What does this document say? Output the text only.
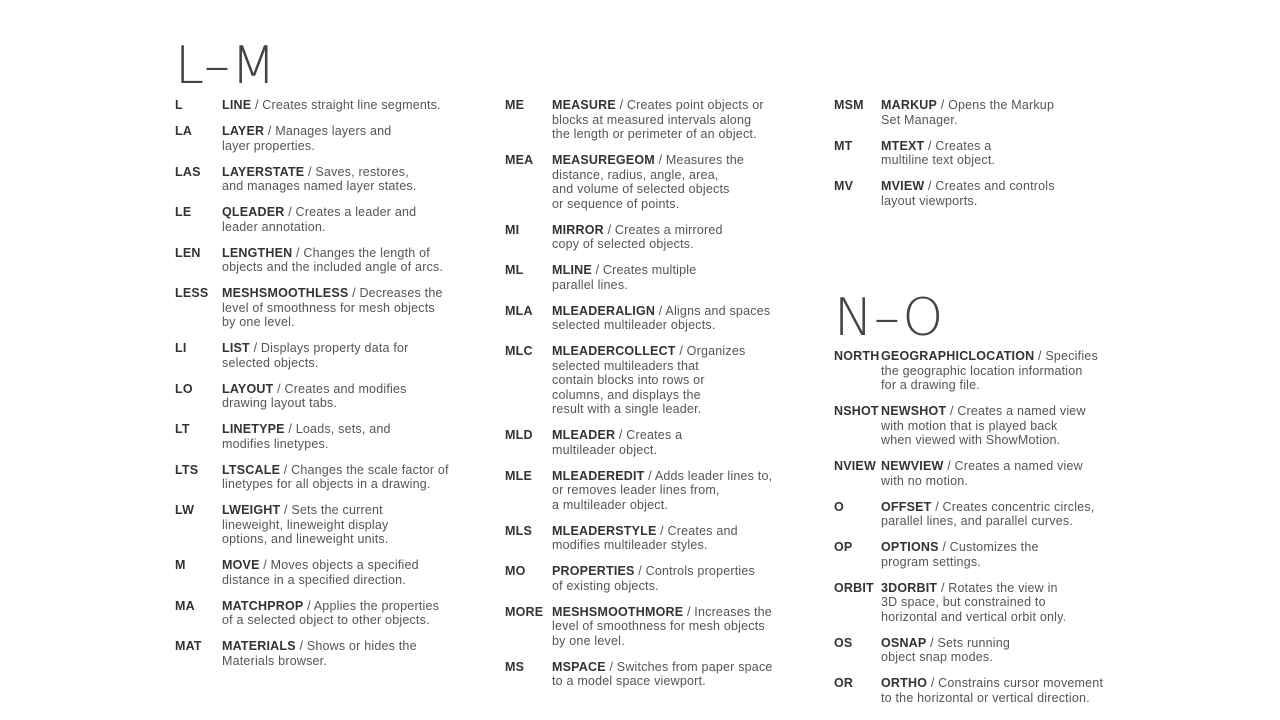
L–M
N–O
L	LINE / Creates straight line segments.
LA	LAYER / Manages layers and
layer properties.
LAS	LAYERSTATE / Saves, restores,
and manages named layer states.
LE	QLEADER / Creates a leader and
leader annotation.
LEN	LENGTHEN / Changes the length of
objects and the included angle of arcs.
LESS	MESHSMOOTHLESS / Decreases the
level of smoothness for mesh objects
by one level.
LI	LIST / Displays property data for
selected objects.
LO	LAYOUT / Creates and modifies
drawing layout tabs.
LT	LINETYPE / Loads, sets, and
modifies linetypes.
LTS	LTSCALE / Changes the scale factor of
linetypes for all objects in a drawing.
LW	LWEIGHT / Sets the current
lineweight, lineweight display
options, and lineweight units.
M	MOVE / Moves objects a specified
distance in a specified direction.
MA	MATCHPROP / Applies the properties
of a selected object to other objects.
MAT	MATERIALS / Shows or hides the
Materials browser.
ME	MEASURE / Creates point objects or
blocks at measured intervals along
the length or perimeter of an object.
MEA	MEASUREGEOM / Measures the
distance, radius, angle, area,
and volume of selected objects
or sequence of points.
MI	MIRROR / Creates a mirrored
copy of selected objects.
ML	MLINE / Creates multiple
parallel lines.
MLA	MLEADERALIGN / Aligns and spaces
selected multileader objects.
MLC	MLEADERCOLLECT / Organizes
selected multileaders that
contain blocks into rows or
columns, and displays the
result with a single leader.
MLD	MLEADER / Creates a
multileader object.
MLE	MLEADEREDIT / Adds leader lines to,
or removes leader lines from,
a multileader object.
MLS	MLEADERSTYLE / Creates and
modifies multileader styles.
MO	PROPERTIES / Controls properties
of existing objects.
MORE MESHSMOOTHMORE / Increases the
level of smoothness for mesh objects
by one level.
MS	MSPACE / Switches from paper space
to a model space viewport.
MSM	MARKUP / Opens the Markup
Set Manager.
MT	MTEXT / Creates a
multiline text object.
MV	MVIEW / Creates and controls
layout viewports.
NORTH GEOGRAPHICLOCATION / Specifies
the geographic location information
for a drawing file.
NSHOT NEWSHOT / Creates a named view
with motion that is played back
when viewed with ShowMotion.
NVIEW NEWVIEW / Creates a named view
with no motion.
O	OFFSET / Creates concentric circles,
parallel lines, and parallel curves.
OP	OPTIONS / Customizes the
program settings.
ORBIT 3DORBIT / Rotates the view in
3D space, but constrained to
horizontal and vertical orbit only.
OS	OSNAP / Sets running
object snap modes.
OR	ORTHO / Constrains cursor movement
to the horizontal or vertical direction.
